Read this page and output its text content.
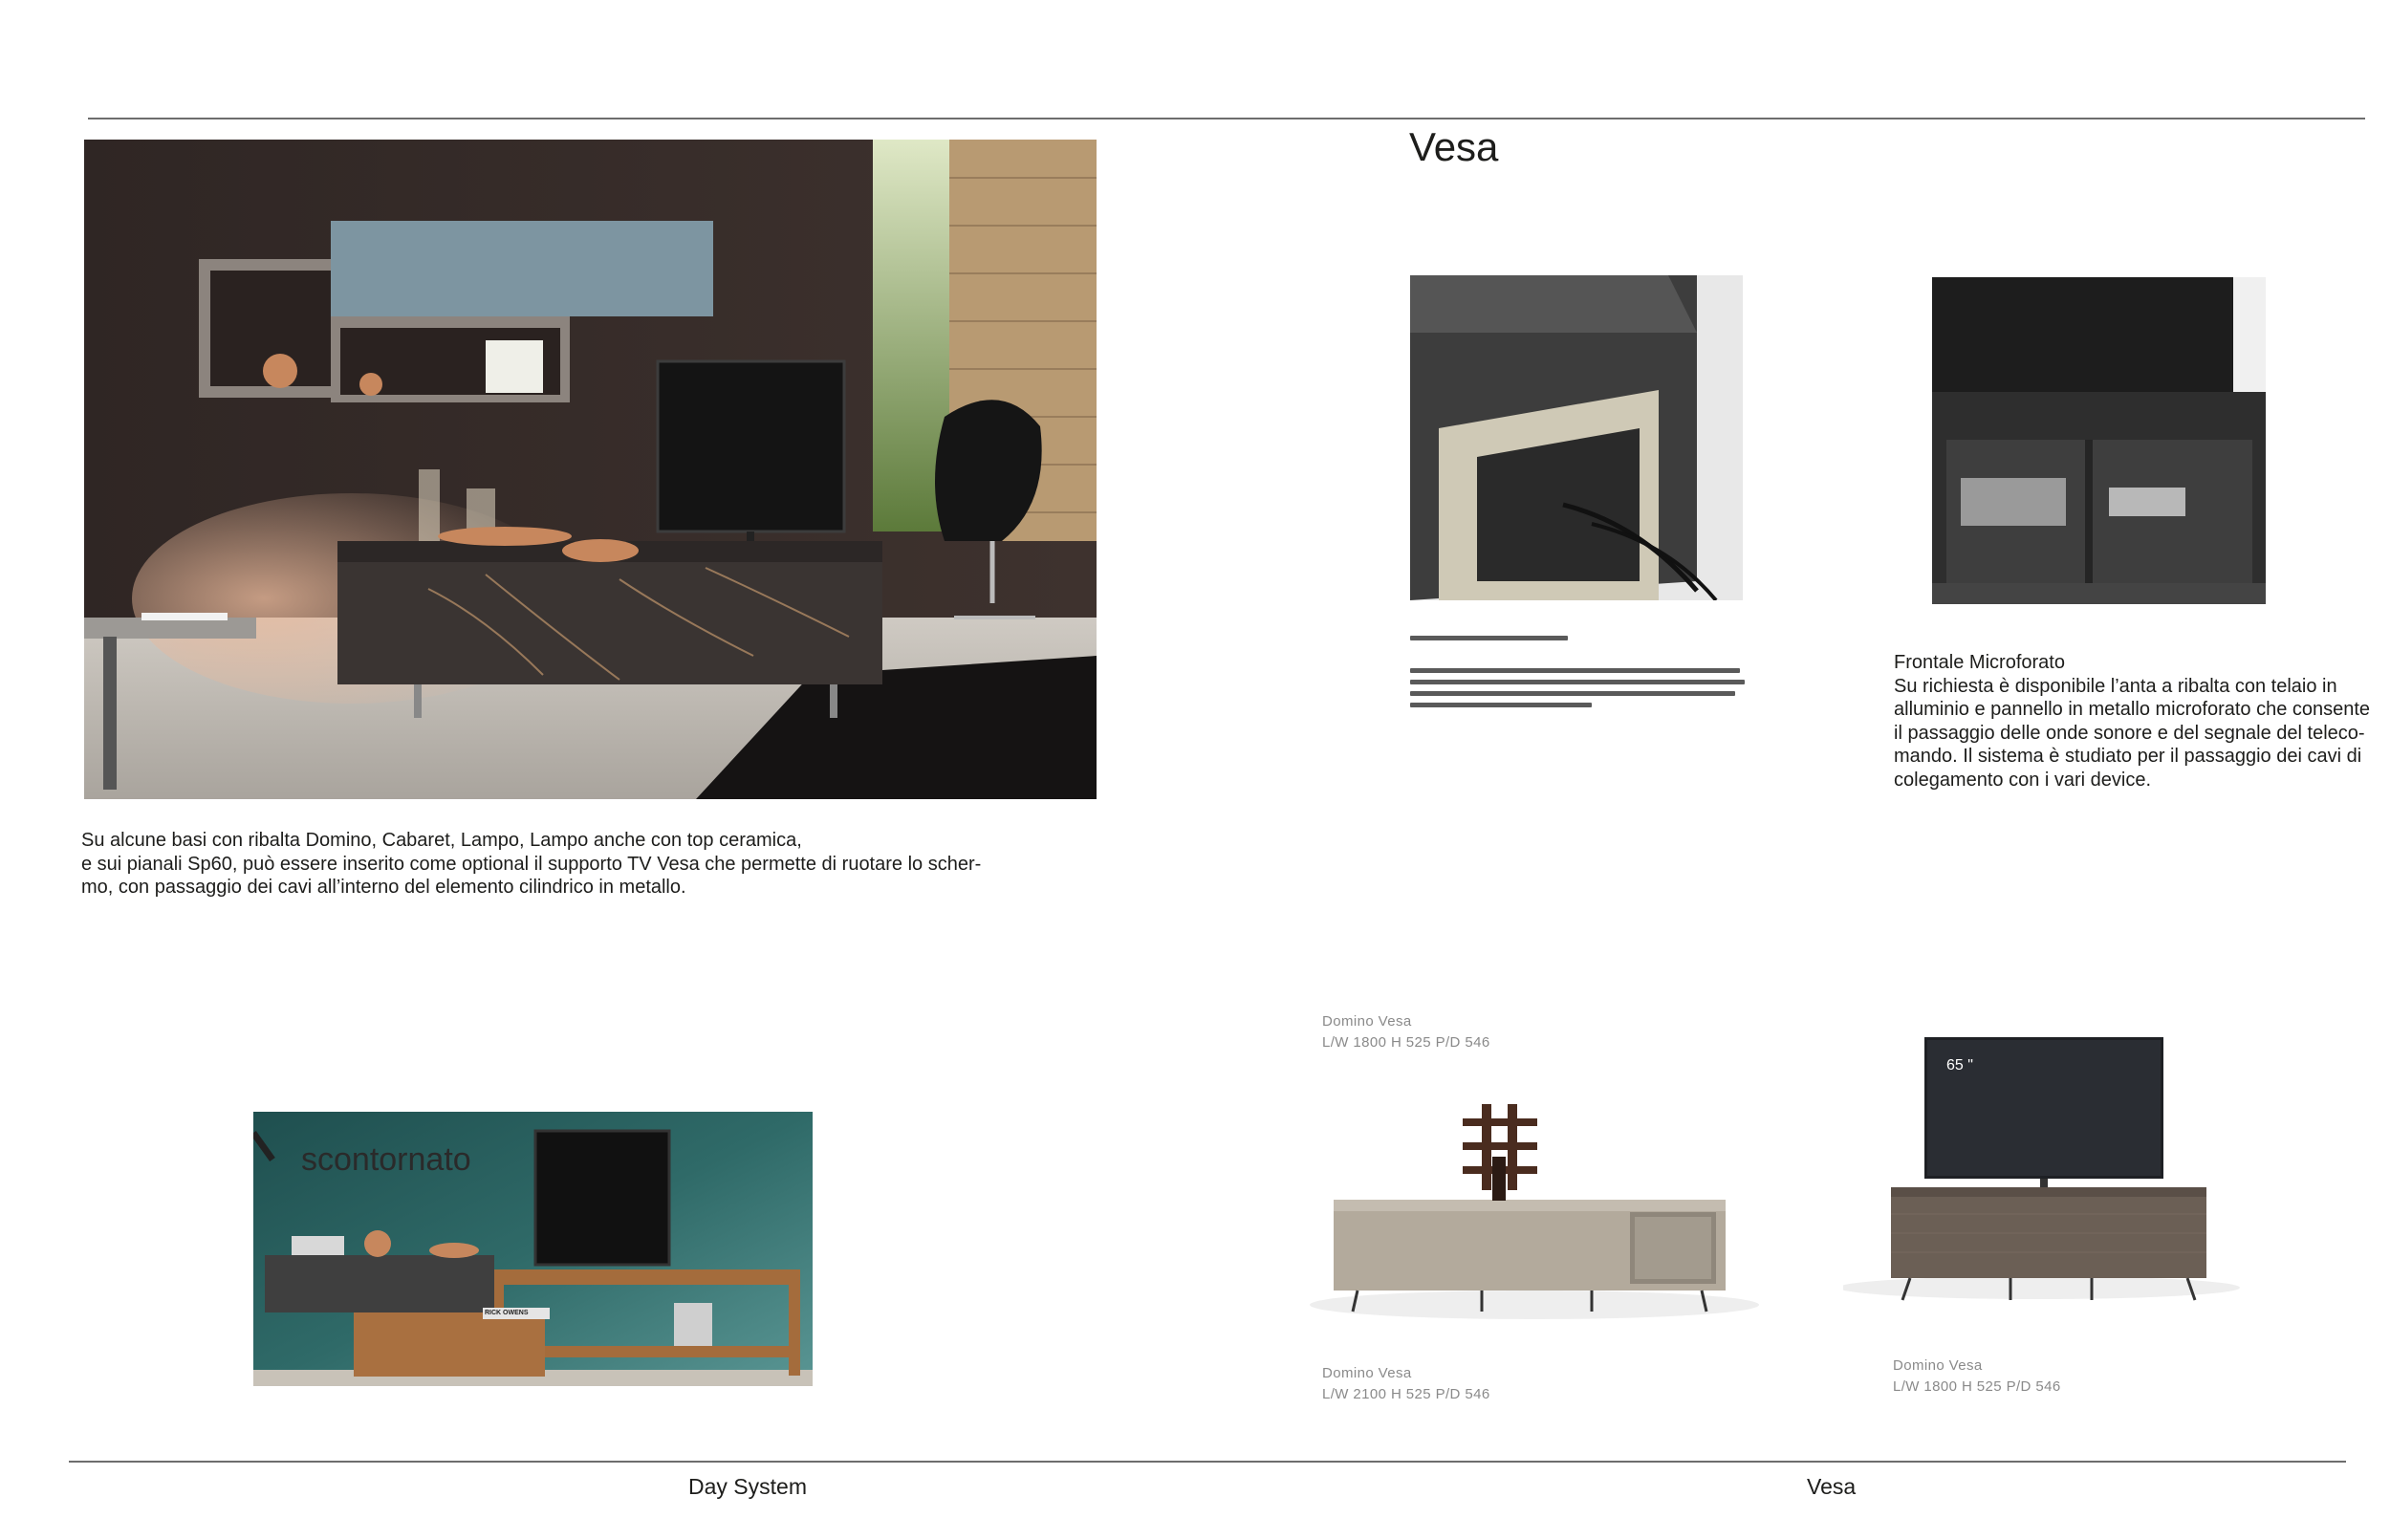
Su alcune basi con ribalta Domino, Cabaret, Lampo, Lampo anche con top ceramica,
e sui pianali Sp60, può essere inserito come optional il supporto TV Vesa che permette di ruotare lo scher-
mo, con passaggio dei cavi all’interno del elemento cilindrico in metallo.
Vesa
Frontale Microforato
Su richiesta è disponibile l’anta a ribalta con telaio in
alluminio e pannello in metallo microforato che consente
il passaggio delle onde sonore e del segnale del teleco-
mando. Il sistema è studiato per il passaggio dei cavi di
colegamento con i vari device.
scontornato
RICK OWENS
Domino Vesa
L/W 1800 H 525 P/D 546
65 "
Domino Vesa
L/W 2100 H 525 P/D 546
Domino Vesa
L/W 1800 H 525 P/D 546
Day System	Vesa
